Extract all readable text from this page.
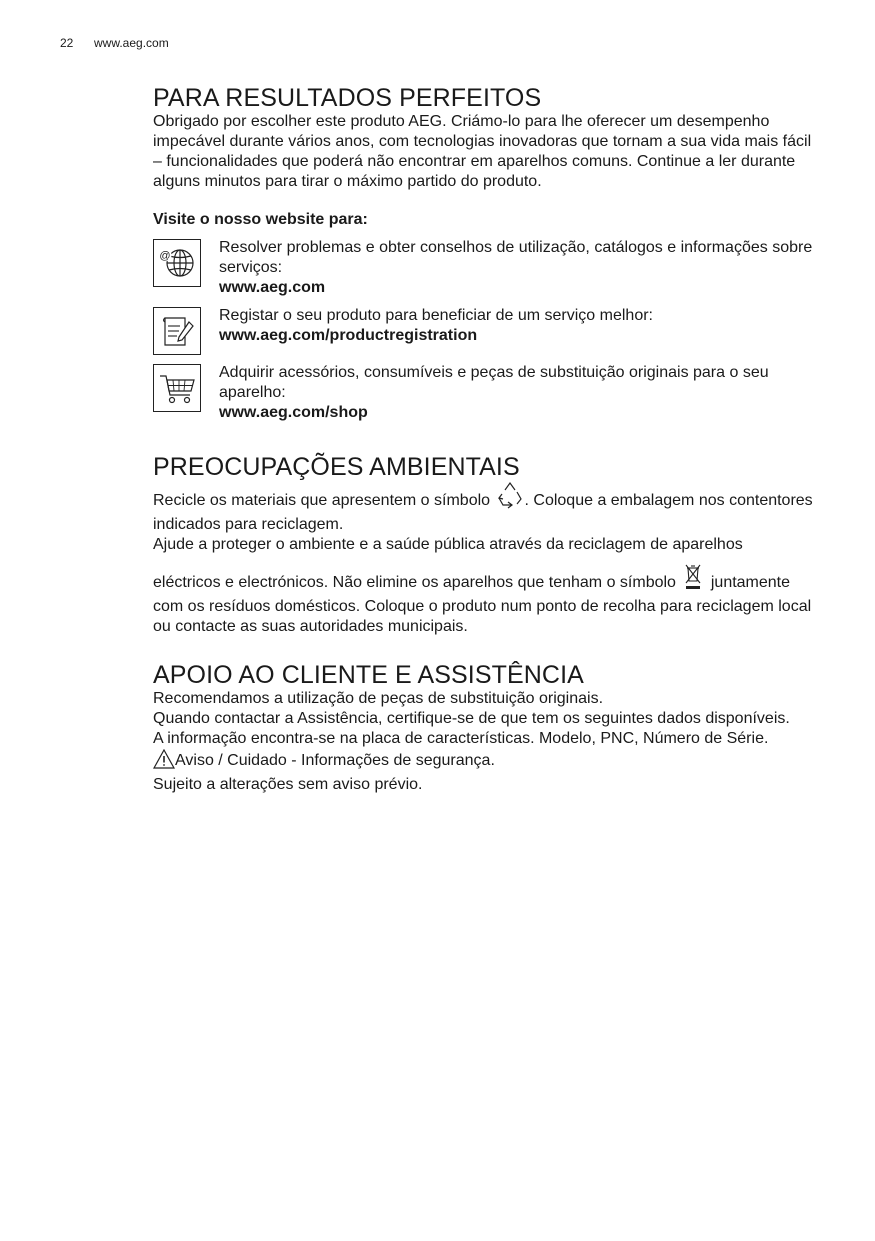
22 www.aeg.com
PARA RESULTADOS PERFEITOS

Obrigado por escolher este produto AEG. Criámo-lo para lhe oferecer um desempenho impecável durante vários anos, com tecnologias inovadoras que tornam a sua vida mais fácil – funcionalidades que poderá não encontrar em aparelhos comuns. Continue a ler durante alguns minutos para tirar o máximo partido do produto.

Visite o nosso website para:

@	Resolver problemas e obter conselhos de utilização, catálogos e informações sobre serviços:

www.aeg.com

Registar o seu produto para beneficiar de um serviço melhor:

www.aeg.com/productregistration

Adquirir acessórios, consumíveis e peças de substituição originais para o seu aparelho:

www.aeg.com/shop

PREOCUPAÇÕES AMBIENTAIS

Recicle os materiais que apresentem o símbolo . Coloque a embalagem nos contentores indicados para reciclagem.

Ajude a proteger o ambiente e a saúde pública através da reciclagem de aparelhos

eléctricos e electrónicos. Não elimine os aparelhos que tenham o símbolo juntamente com os resíduos domésticos. Coloque o produto num ponto de recolha para reciclagem local ou contacte as suas autoridades municipais.

APOIO AO CLIENTE E ASSISTÊNCIA

Recomendamos a utilização de peças de substituição originais.

Quando contactar a Assistência, certifique-se de que tem os seguintes dados disponíveis.

A informação encontra-se na placa de características. Modelo, PNC, Número de Série.

Aviso / Cuidado - Informações de segurança.

Sujeito a alterações sem aviso prévio.
